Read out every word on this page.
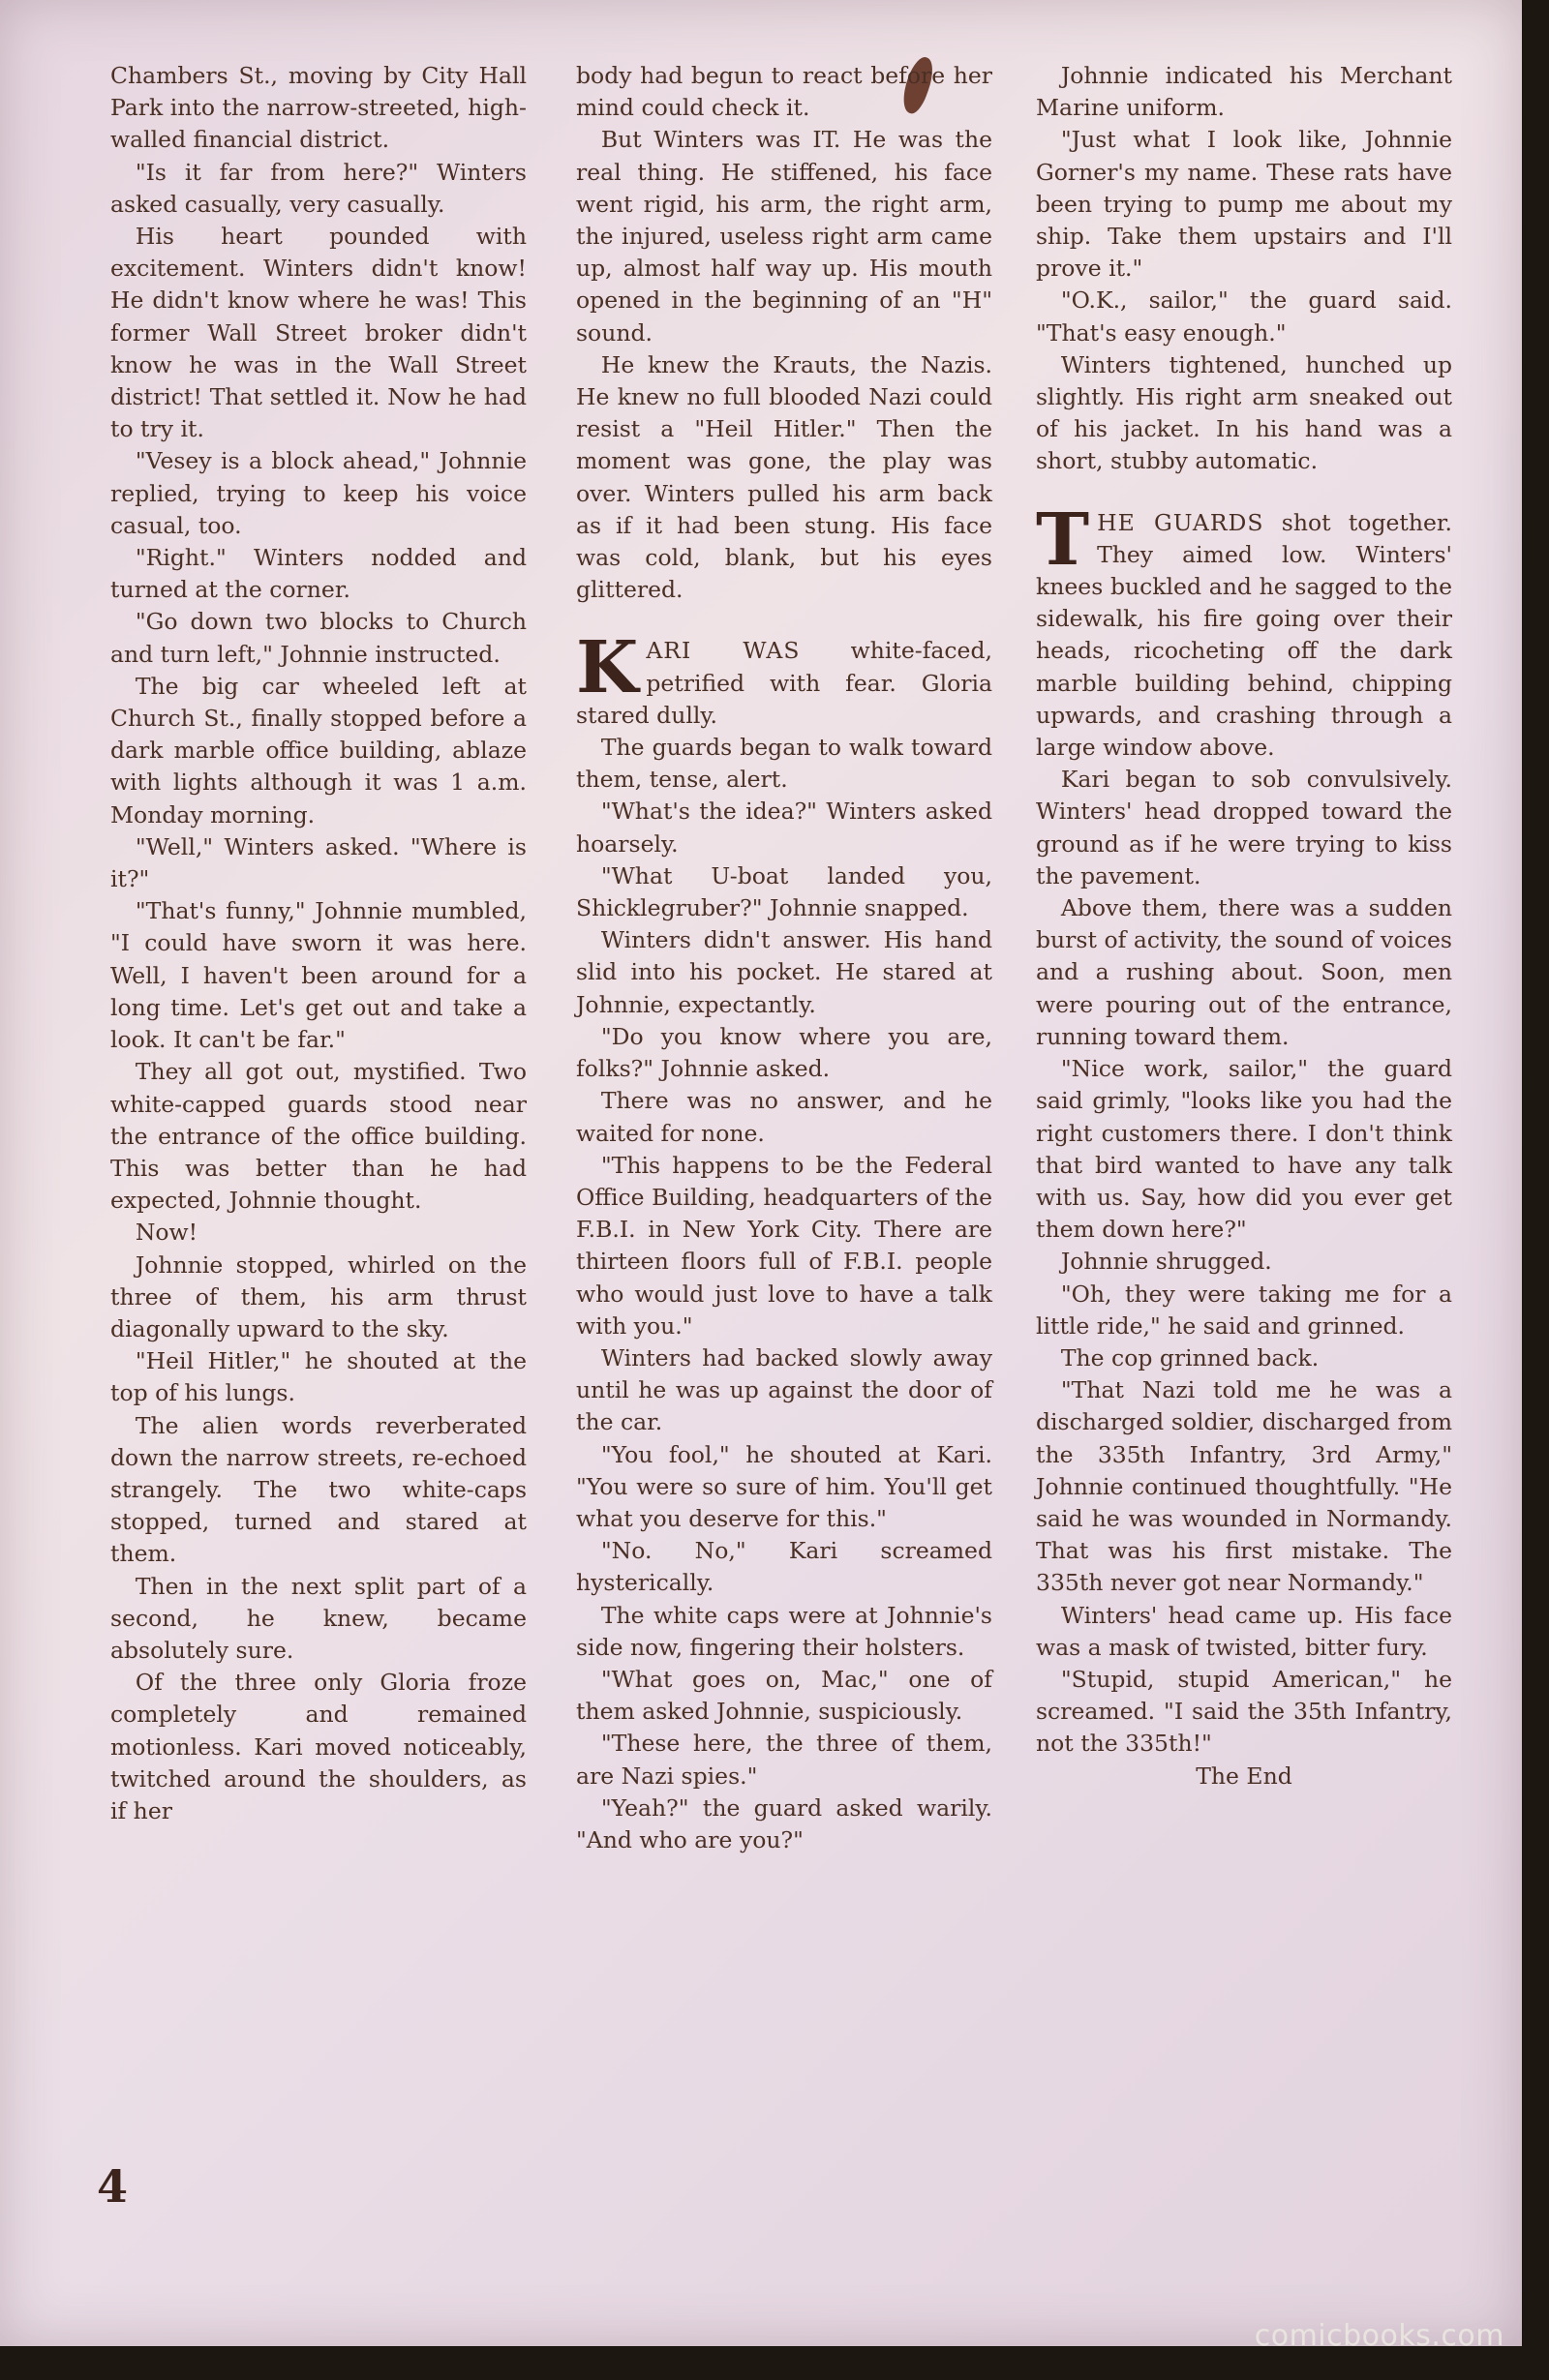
Chambers St., moving by City Hall Park into the narrow-streeted, high-walled financial district.

"Is it far from here?" Winters asked casually, very casually.

His heart pounded with excitement. Winters didn't know! He didn't know where he was! This former Wall Street broker didn't know he was in the Wall Street district! That settled it. Now he had to try it.

"Vesey is a block ahead," Johnnie replied, trying to keep his voice casual, too.

"Right." Winters nodded and turned at the corner.

"Go down two blocks to Church and turn left," Johnnie instructed.

The big car wheeled left at Church St., finally stopped before a dark marble office building, ablaze with lights although it was 1 a.m. Monday morning.

"Well," Winters asked. "Where is it?"

"That's funny," Johnnie mumbled, "I could have sworn it was here. Well, I haven't been around for a long time. Let's get out and take a look. It can't be far."

They all got out, mystified. Two white-capped guards stood near the entrance of the office building. This was better than he had expected, Johnnie thought.

Now!

Johnnie stopped, whirled on the three of them, his arm thrust diagonally upward to the sky.

"Heil Hitler," he shouted at the top of his lungs.

The alien words reverberated down the narrow streets, re-echoed strangely. The two white-caps stopped, turned and stared at them.

Then in the next split part of a second, he knew, became absolutely sure.

Of the three only Gloria froze completely and remained motionless. Kari moved noticeably, twitched around the shoulders, as if her

body had begun to react before her mind could check it.

But Winters was IT. He was the real thing. He stiffened, his face went rigid, his arm, the right arm, the injured, useless right arm came up, almost half way up. His mouth opened in the beginning of an "H" sound.

He knew the Krauts, the Nazis. He knew no full blooded Nazi could resist a "Heil Hitler." Then the moment was gone, the play was over. Winters pulled his arm back as if it had been stung. His face was cold, blank, but his eyes glittered.

KARI WAS white-faced, petrified with fear. Gloria stared dully.

The guards began to walk toward them, tense, alert.

"What's the idea?" Winters asked hoarsely.

"What U-boat landed you, Shicklegruber?" Johnnie snapped.

Winters didn't answer. His hand slid into his pocket. He stared at Johnnie, expectantly.

"Do you know where you are, folks?" Johnnie asked.

There was no answer, and he waited for none.

"This happens to be the Federal Office Building, headquarters of the F.B.I. in New York City. There are thirteen floors full of F.B.I. people who would just love to have a talk with you."

Winters had backed slowly away until he was up against the door of the car.

"You fool," he shouted at Kari. "You were so sure of him. You'll get what you deserve for this."

"No. No," Kari screamed hysterically.

The white caps were at Johnnie's side now, fingering their holsters.

"What goes on, Mac," one of them asked Johnnie, suspiciously.

"These here, the three of them, are Nazi spies."

"Yeah?" the guard asked warily. "And who are you?"

Johnnie indicated his Merchant Marine uniform.

"Just what I look like, Johnnie Gorner's my name. These rats have been trying to pump me about my ship. Take them upstairs and I'll prove it."

"O.K., sailor," the guard said. "That's easy enough."

Winters tightened, hunched up slightly. His right arm sneaked out of his jacket. In his hand was a short, stubby automatic.

THE GUARDS shot together. They aimed low. Winters' knees buckled and he sagged to the sidewalk, his fire going over their heads, ricocheting off the dark marble building behind, chipping upwards, and crashing through a large window above.

Kari began to sob convulsively. Winters' head dropped toward the ground as if he were trying to kiss the pavement.

Above them, there was a sudden burst of activity, the sound of voices and a rushing about. Soon, men were pouring out of the entrance, running toward them.

"Nice work, sailor," the guard said grimly, "looks like you had the right customers there. I don't think that bird wanted to have any talk with us. Say, how did you ever get them down here?"

Johnnie shrugged.

"Oh, they were taking me for a little ride," he said and grinned.

The cop grinned back.

"That Nazi told me he was a discharged soldier, discharged from the 335th Infantry, 3rd Army," Johnnie continued thoughtfully. "He said he was wounded in Normandy. That was his first mistake. The 335th never got near Normandy."

Winters' head came up. His face was a mask of twisted, bitter fury.

"Stupid, stupid American," he screamed. "I said the 35th Infantry, not the 335th!"

The End

4
comicbooks.com
